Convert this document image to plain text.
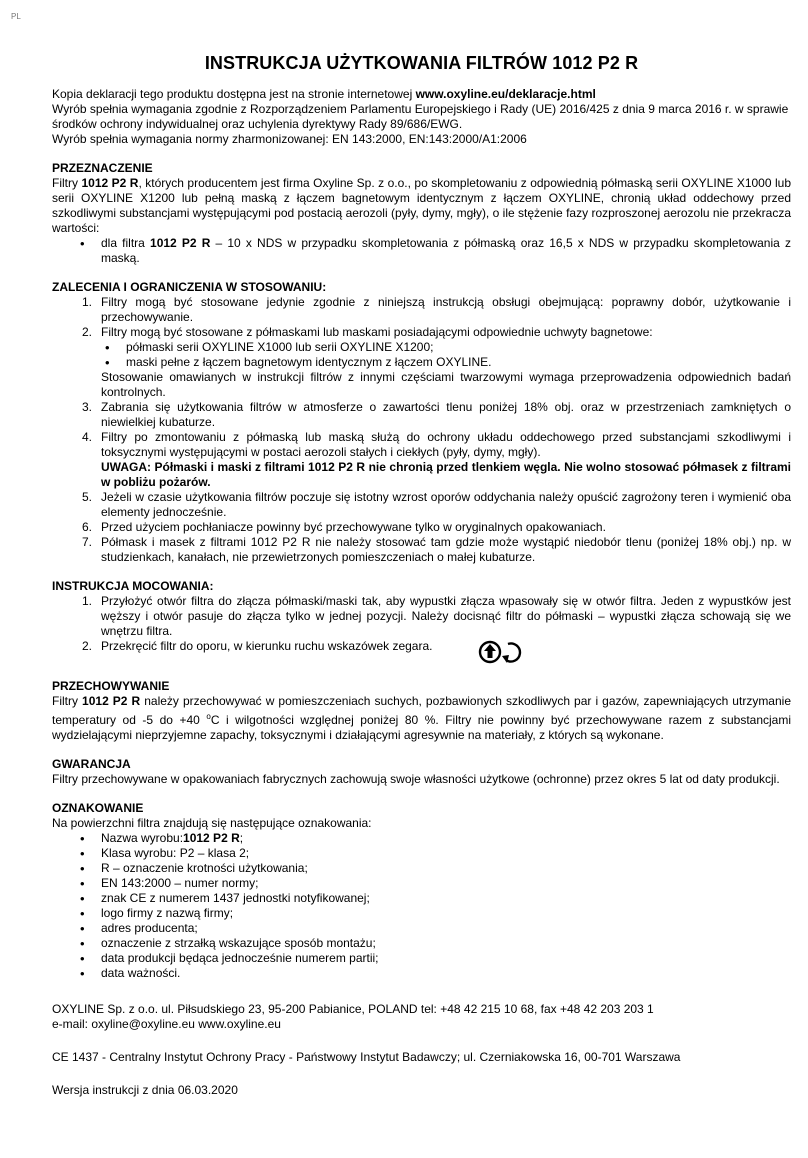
PL
INSTRUKCJA UŻYTKOWANIA FILTRÓW 1012 P2 R

Kopia deklaracji tego produktu dostępna jest na stronie internetowej www.oxyline.eu/deklaracje.html

Wyrób spełnia wymagania zgodnie z Rozporządzeniem Parlamentu Europejskiego i Rady (UE) 2016/425 z dnia 9 marca 2016 r. w sprawie środków ochrony indywidualnej oraz uchylenia dyrektywy Rady 89/686/EWG.

Wyrób spełnia wymagania normy zharmonizowanej: EN 143:2000, EN:143:2000/A1:2006

PRZEZNACZENIE

Filtry 1012 P2 R, których producentem jest firma Oxyline Sp. z o.o., po skompletowaniu z odpowiednią półmaską serii OXYLINE X1000 lub serii OXYLINE X1200 lub pełną maską z łączem bagnetowym identycznym z łączem OXYLINE, chronią układ oddechowy przed szkodliwymi substancjami występującymi pod postacią aerozoli (pyły, dymy, mgły), o ile stężenie fazy rozproszonej aerozolu nie przekracza wartości:

• dla filtra 1012 P2 R – 10 x NDS w przypadku skompletowania z półmaską oraz 16,5 x NDS w przypadku skompletowania z maską.
ZALECENIA I OGRANICZENIA W STOSOWANIU:
1. Filtry mogą być stosowane jedynie zgodnie z niniejszą instrukcją obsługi obejmującą: poprawny dobór, użytkowanie i przechowywanie.
2. Filtry mogą być stosowane z półmaskami lub maskami posiadającymi odpowiednie uchwyty bagnetowe:
• półmaski serii OXYLINE X1000 lub serii OXYLINE X1200;
• maski pełne z łączem bagnetowym identycznym z łączem OXYLINE.

Stosowanie omawianych w instrukcji filtrów z innymi częściami twarzowymi wymaga przeprowadzenia odpowiednich badań kontrolnych.

3. Zabrania się użytkowania filtrów w atmosferze o zawartości tlenu poniżej 18% obj. oraz w przestrzeniach zamkniętych o niewielkiej kubaturze.
4. Filtry po zmontowaniu z półmaską lub maską służą do ochrony układu oddechowego przed substancjami szkodliwymi i toksycznymi występującymi w postaci aerozoli stałych i ciekłych (pyły, dymy, mgły).
UWAGA: Półmaski i maski z filtrami 1012 P2 R nie chronią przed tlenkiem węgla. Nie wolno stosować półmasek z filtrami w pobliżu pożarów.
5. Jeżeli w czasie użytkowania filtrów poczuje się istotny wzrost oporów oddychania należy opuścić zagrożony teren i wymienić oba elementy jednocześnie.
6. Przed użyciem pochłaniacze powinny być przechowywane tylko w oryginalnych opakowaniach.
7. Półmask i masek z filtrami 1012 P2 R nie należy stosować tam gdzie może wystąpić niedobór tlenu (poniżej 18% obj.) np. w studzienkach, kanałach, nie przewietrzonych pomieszczeniach o małej kubaturze.
INSTRUKCJA MOCOWANIA:
1. Przyłożyć otwór filtra do złącza półmaski/maski tak, aby wypustki złącza wpasowały się w otwór filtra. Jeden z wypustków jest węższy i otwór pasuje do złącza tylko w jednej pozycji. Należy docisnąć filtr do półmaski – wypustki złącza schowają się we wnętrzu filtra.
2. Przekręcić filtr do oporu, w kierunku ruchu wskazówek zegara.
PRZECHOWYWANIE

Filtry 1012 P2 R należy przechowywać w pomieszczeniach suchych, pozbawionych szkodliwych par i gazów, zapewniających utrzymanie temperatury od -5 do +40 $^o$C i wilgotności względnej poniżej 80 %. Filtry nie powinny być przechowywane razem z substancjami wydzielającymi nieprzyjemne zapachy, toksycznymi i działającymi agresywnie na materiały, z których są wykonane.

GWARANCJA

Filtry przechowywane w opakowaniach fabrycznych zachowują swoje własności użytkowe (ochronne) przez okres 5 lat od daty produkcji.

OZNAKOWANIE

Na powierzchni filtra znajdują się następujące oznakowania:

• Nazwa wyrobu:1012 P2 R;
• Klasa wyrobu: P2 – klasa 2;
• R – oznaczenie krotności użytkowania;
• EN 143:2000 – numer normy;
• znak CE z numerem 1437 jednostki notyfikowanej;
• logo firmy z nazwą firmy;
• adres producenta;
• oznaczenie z strzałką wskazujące sposób montażu;
• data produkcji będąca jednocześnie numerem partii;
• data ważności.

OXYLINE Sp. z o.o. ul. Piłsudskiego 23, 95-200 Pabianice, POLAND tel: +48 42 215 10 68, fax +48 42 203 203 1

e-mail: oxyline@oxyline.eu www.oxyline.eu

CE 1437 - Centralny Instytut Ochrony Pracy - Państwowy Instytut Badawczy; ul. Czerniakowska 16, 00-701 Warszawa

Wersja instrukcji z dnia 06.03.2020
